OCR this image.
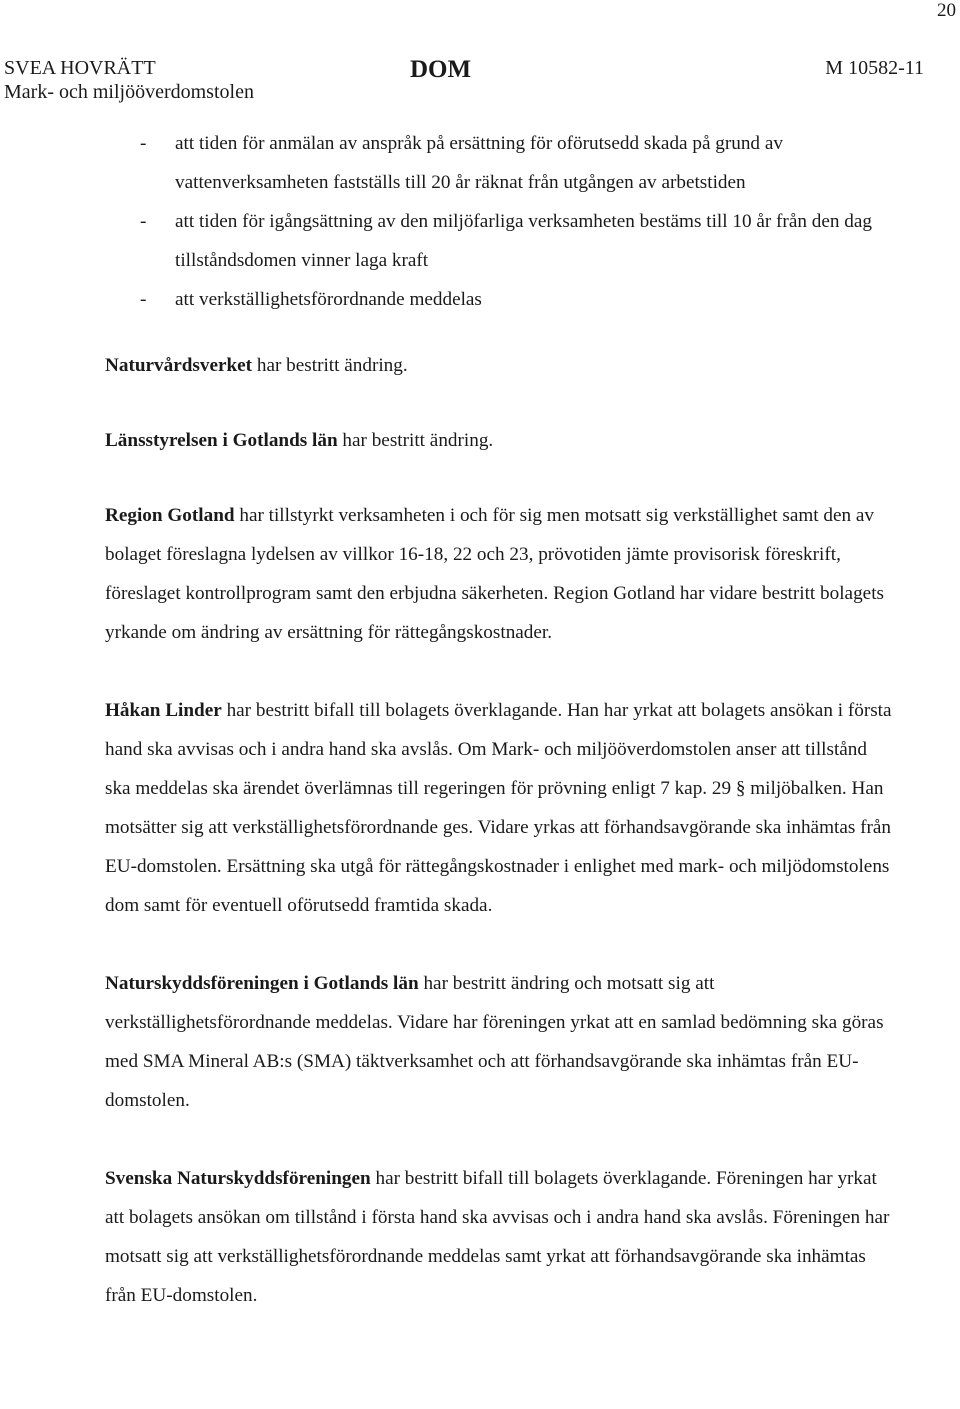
20
SVEA HOVRÄTT
Mark- och miljööverdomstolen
DOM	M 10582-11
- att tiden för anmälan av anspråk på ersättning för oförutsedd skada på grund av vattenverksamheten fastställs till 20 år räknat från utgången av arbetstiden
- att tiden för igångsättning av den miljöfarliga verksamheten bestäms till 10 år från den dag tillståndsdomen vinner laga kraft
- att verkställighetsförordnande meddelas

Naturvårdsverket har bestritt ändring.

Länsstyrelsen i Gotlands län har bestritt ändring.

Region Gotland har tillstyrkt verksamheten i och för sig men motsatt sig verkställighet samt den av bolaget föreslagna lydelsen av villkor 16-18, 22 och 23, prövotiden jämte provisorisk föreskrift, föreslaget kontrollprogram samt den erbjudna säkerheten. Region Gotland har vidare bestritt bolagets yrkande om ändring av ersättning för rättegångskostnader.

Håkan Linder har bestritt bifall till bolagets överklagande. Han har yrkat att bolagets ansökan i första hand ska avvisas och i andra hand ska avslås. Om Mark- och miljööverdomstolen anser att tillstånd ska meddelas ska ärendet överlämnas till regeringen för prövning enligt 7 kap. 29 § miljöbalken. Han motsätter sig att verkställighetsförordnande ges. Vidare yrkas att förhandsavgörande ska inhämtas från EU-domstolen. Ersättning ska utgå för rättegångskostnader i enlighet med mark- och miljödomstolens dom samt för eventuell oförutsedd framtida skada.

Naturskyddsföreningen i Gotlands län har bestritt ändring och motsatt sig att verkställighetsförordnande meddelas. Vidare har föreningen yrkat att en samlad bedömning ska göras med SMA Mineral AB:s (SMA) täktverksamhet och att förhandsavgörande ska inhämtas från EU-domstolen.

Svenska Naturskyddsföreningen har bestritt bifall till bolagets överklagande. Föreningen har yrkat att bolagets ansökan om tillstånd i första hand ska avvisas och i andra hand ska avslås. Föreningen har motsatt sig att verkställighetsförordnande meddelas samt yrkat att förhandsavgörande ska inhämtas från EU-domstolen.
